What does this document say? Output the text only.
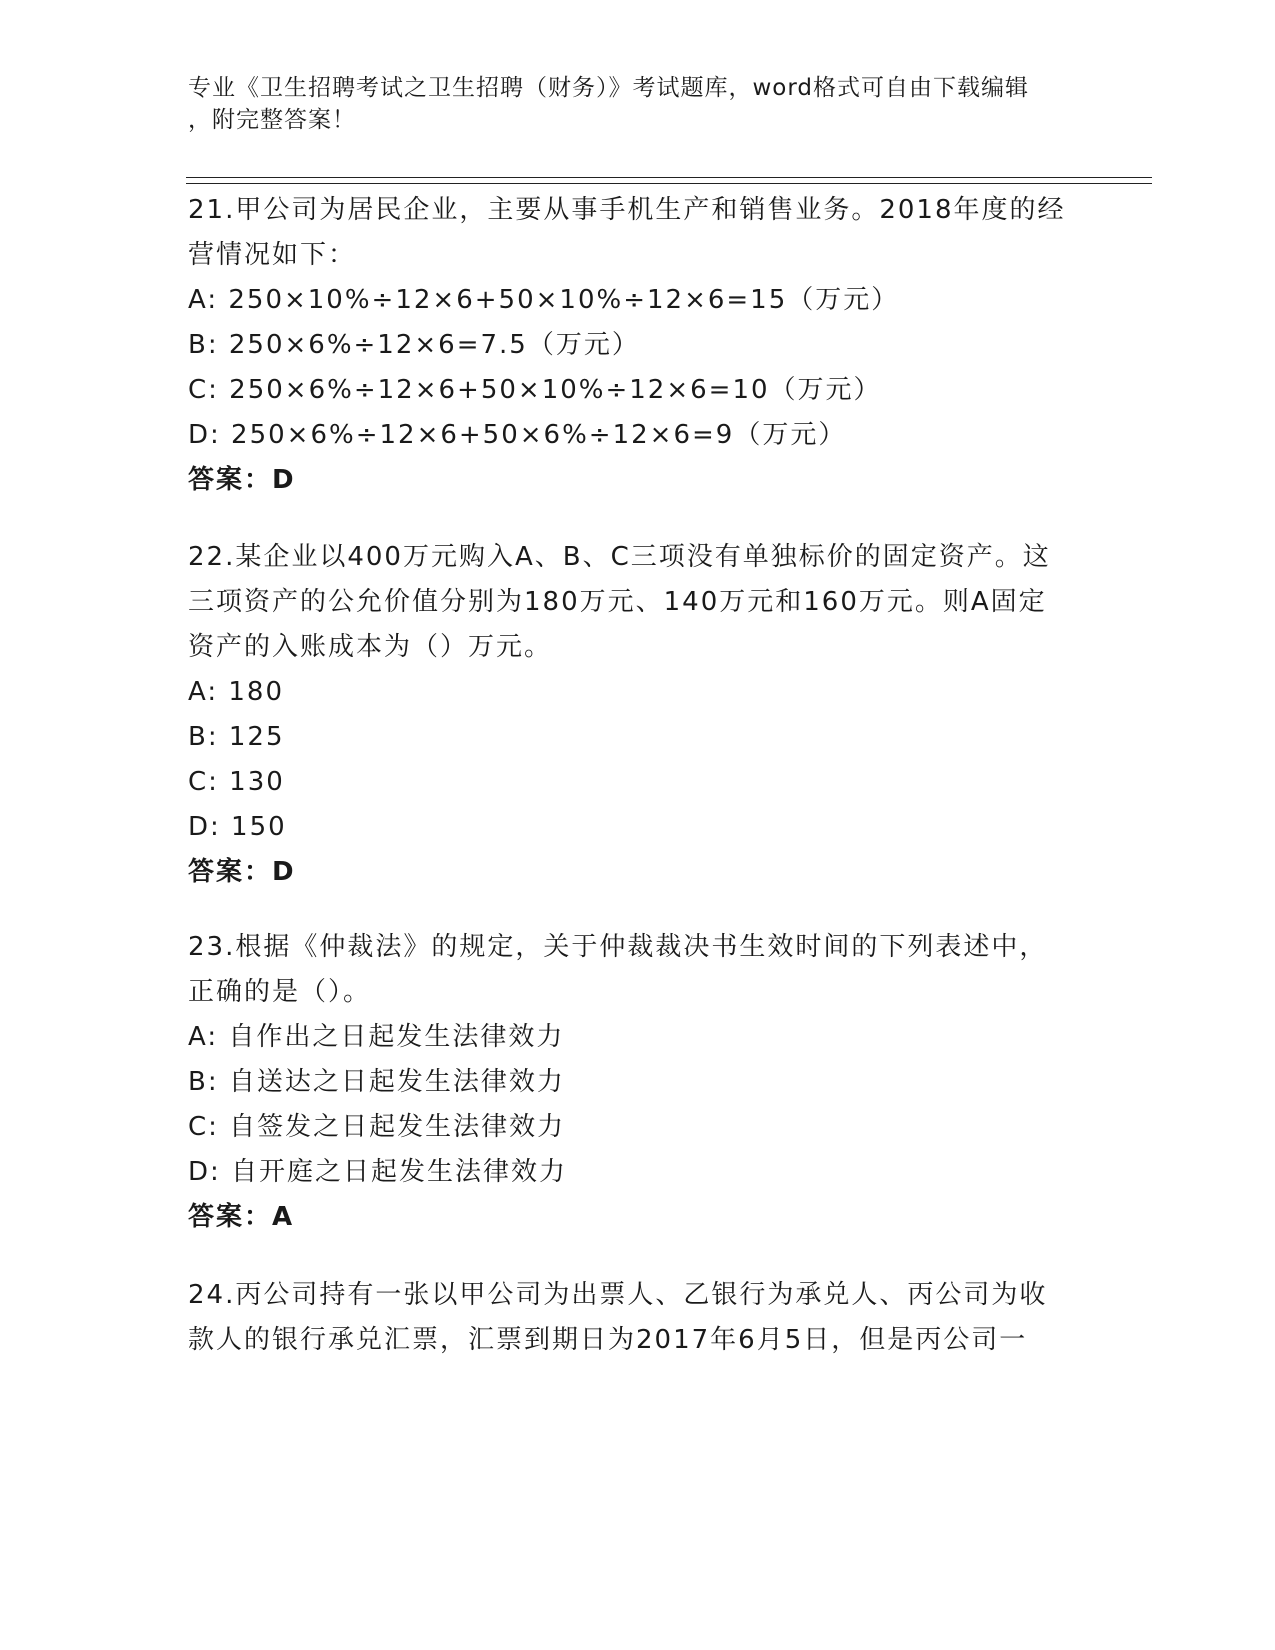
专业《卫生招聘考试之卫生招聘（财务）》考试题库，word格式可自由下载编辑
，附完整答案！
21.甲公司为居民企业，主要从事手机生产和销售业务。2018年度的经
营情况如下：
A: 250×10%÷12×6+50×10%÷12×6=15（万元）
B: 250×6%÷12×6=7.5（万元）
C: 250×6%÷12×6+50×10%÷12×6=10（万元）
D: 250×6%÷12×6+50×6%÷12×6=9（万元）
答案：D
22.某企业以400万元购入A、B、C三项没有单独标价的固定资产。这
三项资产的公允价值分别为180万元、140万元和160万元。则A固定
资产的入账成本为（）万元。
A: 180
B: 125
C: 130
D: 150
答案：D
23.根据《仲裁法》的规定，关于仲裁裁决书生效时间的下列表述中，
正确的是（）。
A: 自作出之日起发生法律效力
B: 自送达之日起发生法律效力
C: 自签发之日起发生法律效力
D: 自开庭之日起发生法律效力
答案：A
24.丙公司持有一张以甲公司为出票人、乙银行为承兑人、丙公司为收
款人的银行承兑汇票，汇票到期日为2017年6月5日，但是丙公司一
